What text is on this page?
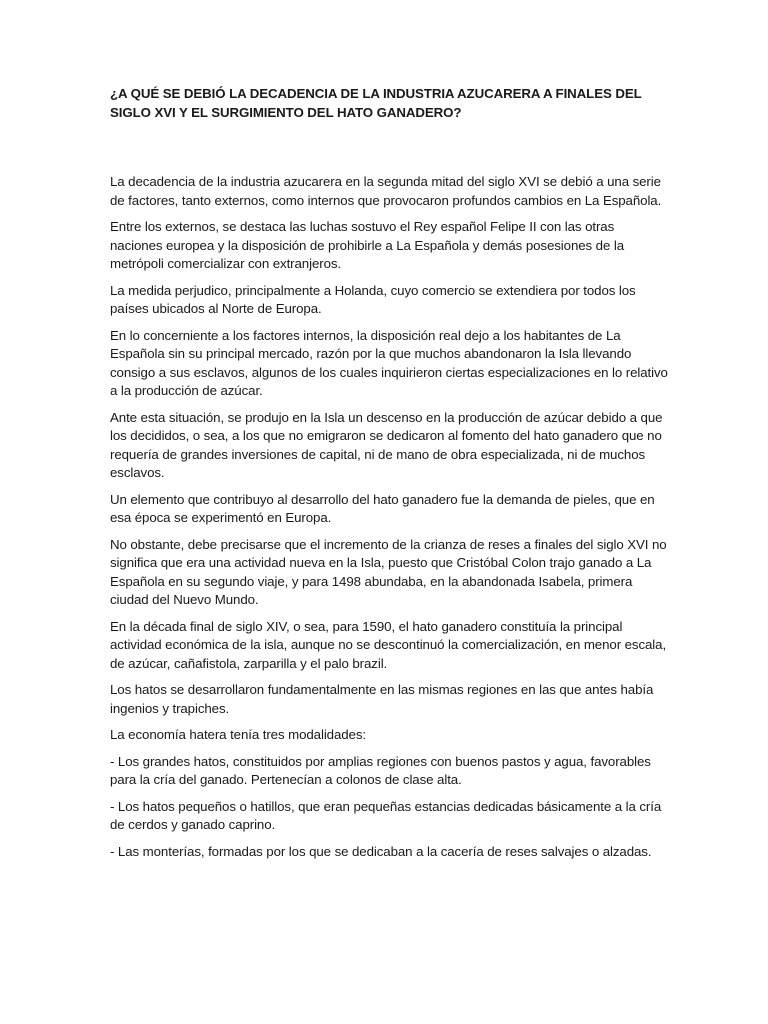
¿A QUÉ SE DEBIÓ LA DECADENCIA DE LA INDUSTRIA AZUCARERA A FINALES DEL SIGLO XVI Y EL SURGIMIENTO DEL HATO GANADERO?

La decadencia de la industria azucarera en la segunda mitad del siglo XVI se debió a una serie de factores, tanto externos, como internos que provocaron profundos cambios en La Española.

Entre los externos, se destaca las luchas sostuvo el Rey español Felipe II con las otras naciones europea y la disposición de prohibirle a La Española y demás posesiones de la metrópoli comercializar con extranjeros.

La medida perjudico, principalmente a Holanda, cuyo comercio se extendiera por todos los países ubicados al Norte de Europa.

En lo concerniente a los factores internos, la disposición real dejo a los habitantes de La Española sin su principal mercado, razón por la que muchos abandonaron la Isla llevando consigo a sus esclavos, algunos de los cuales inquirieron ciertas especializaciones en lo relativo a la producción de azúcar.

Ante esta situación, se produjo en la Isla un descenso en la producción de azúcar debido a que los decididos, o sea, a los que no emigraron se dedicaron al fomento del hato ganadero que no requería de grandes inversiones de capital, ni de mano de obra especializada, ni de muchos esclavos.

Un elemento que contribuyo al desarrollo del hato ganadero fue la demanda de pieles, que en esa época se experimentó en Europa.

No obstante, debe precisarse que el incremento de la crianza de reses a finales del siglo XVI no significa que era una actividad nueva en la Isla, puesto que Cristóbal Colon trajo ganado a La Española en su segundo viaje, y para 1498 abundaba, en la abandonada Isabela, primera ciudad del Nuevo Mundo.

En la década final de siglo XIV, o sea, para 1590, el hato ganadero constituía la principal actividad económica de la isla, aunque no se descontinuó la comercialización, en menor escala, de azúcar, cañafistola, zarparilla y el palo brazil.

Los hatos se desarrollaron fundamentalmente en las mismas regiones en las que antes había ingenios y trapiches.

La economía hatera tenía tres modalidades:

- Los grandes hatos, constituidos por amplias regiones con buenos pastos y agua, favorables para la cría del ganado. Pertenecían a colonos de clase alta.

- Los hatos pequeños o hatillos, que eran pequeñas estancias dedicadas básicamente a la cría de cerdos y ganado caprino.

- Las monterías, formadas por los que se dedicaban a la cacería de reses salvajes o alzadas.
